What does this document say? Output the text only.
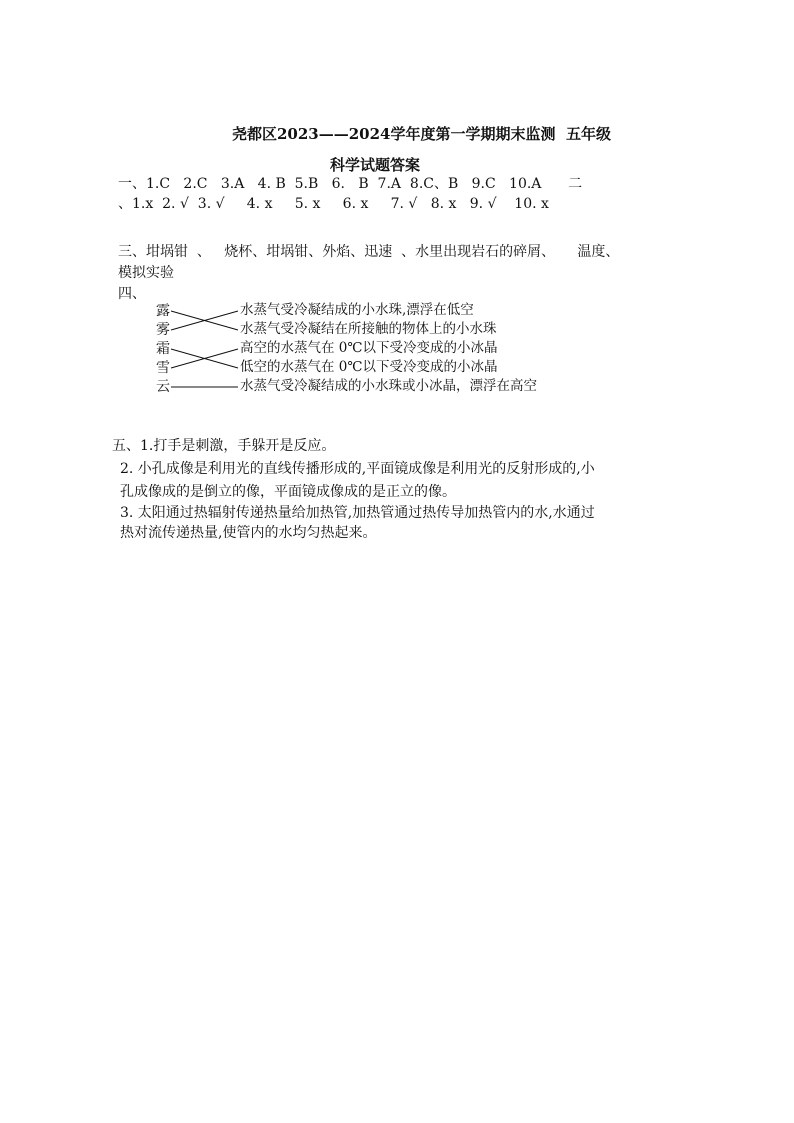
尧都区2023——2024学年度第一学期期末监测  五年级
科学试题答案
一、1.C   2.C   3.A   4. B  5.B   6.   B  7.A  8.C、B   9.C   10.A      二
、1.x  2. √  3. √     4. x     5. x     6. x     7. √   8. x   9. √    10. x
三、坩埚钳  、   烧杯、坩埚钳、外焰、迅速  、水里出现岩石的碎屑、     温度、
模拟实验
四、
露
雾
霜
雪
云
水蒸气受冷凝结成的小水珠,漂浮在低空
水蒸气受冷凝结在所接触的物体上的小水珠
高空的水蒸气在 0℃以下受冷变成的小冰晶
低空的水蒸气在 0℃以下受冷变成的小冰晶
水蒸气受冷凝结成的小水珠或小冰晶，漂浮在高空
五、1.打手是刺激，手躲开是反应。
2. 小孔成像是利用光的直线传播形成的,平面镜成像是利用光的反射形成的,小
孔成像成的是倒立的像，平面镜成像成的是正立的像。
3. 太阳通过热辐射传递热量给加热管,加热管通过热传导加热管内的水,水通过
热对流传递热量,使管内的水均匀热起来。
